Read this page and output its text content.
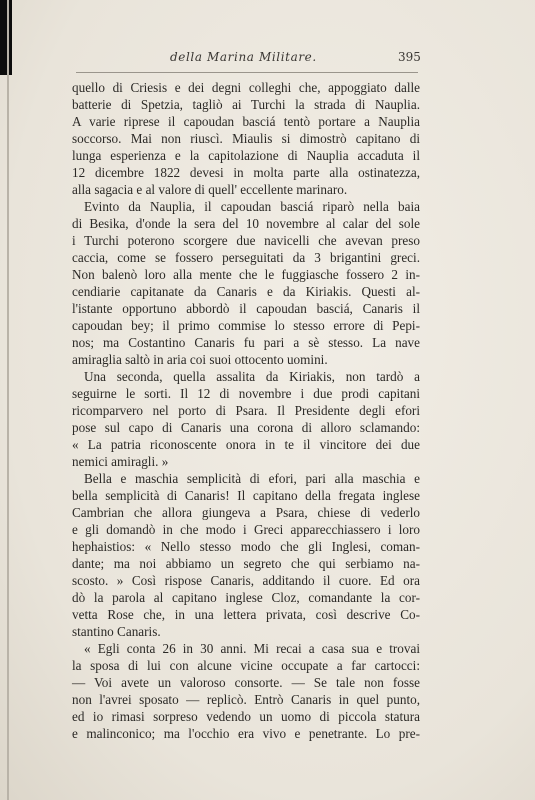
della Marina Militare.	395
quello di Criesis e dei degni colleghi che, appoggiato dalle
batterie di Spetzia, tagliò ai Turchi la strada di Nauplia.
A varie riprese il capoudan basciá tentò portare a Nauplia
soccorso. Mai non riuscì. Miaulis si dimostrò capitano di
lunga esperienza e la capitolazione di Nauplia accaduta il
12 dicembre 1822 devesi in molta parte alla ostinatezza,
alla sagacia e al valore di quell' eccellente marinaro.
Evinto da Nauplia, il capoudan basciá riparò nella baia
di Besika, d'onde la sera del 10 novembre al calar del sole
i Turchi poterono scorgere due navicelli che avevan preso
caccia, come se fossero perseguitati da 3 brigantini greci.
Non balenò loro alla mente che le fuggiasche fossero 2 in-
cendiarie capitanate da Canaris e da Kiriakis. Questi al-
l'istante opportuno abbordò il capoudan basciá, Canaris il
capoudan bey; il primo commise lo stesso errore di Pepi-
nos; ma Costantino Canaris fu pari a sè stesso. La nave
amiraglia saltò in aria coi suoi ottocento uomini.
Una seconda, quella assalita da Kiriakis, non tardò a
seguirne le sorti. Il 12 di novembre i due prodi capitani
ricomparvero nel porto di Psara. Il Presidente degli efori
pose sul capo di Canaris una corona di alloro sclamando:
« La patria riconoscente onora in te il vincitore dei due
nemici amiragli. »
Bella e maschia semplicità di efori, pari alla maschia e
bella semplicità di Canaris! Il capitano della fregata inglese
Cambrian che allora giungeva a Psara, chiese di vederlo
e gli domandò in che modo i Greci apparecchiassero i loro
hephaistios: « Nello stesso modo che gli Inglesi, coman-
dante; ma noi abbiamo un segreto che qui serbiamo na-
scosto. » Così rispose Canaris, additando il cuore. Ed ora
dò la parola al capitano inglese Cloz, comandante la cor-
vetta Rose che, in una lettera privata, così descrive Co-
stantino Canaris.
« Egli conta 26 in 30 anni. Mi recai a casa sua e trovai
la sposa di lui con alcune vicine occupate a far cartocci:
— Voi avete un valoroso consorte. — Se tale non fosse
non l'avrei sposato — replicò. Entrò Canaris in quel punto,
ed io rimasi sorpreso vedendo un uomo di piccola statura
e malinconico; ma l'occhio era vivo e penetrante. Lo pre-
